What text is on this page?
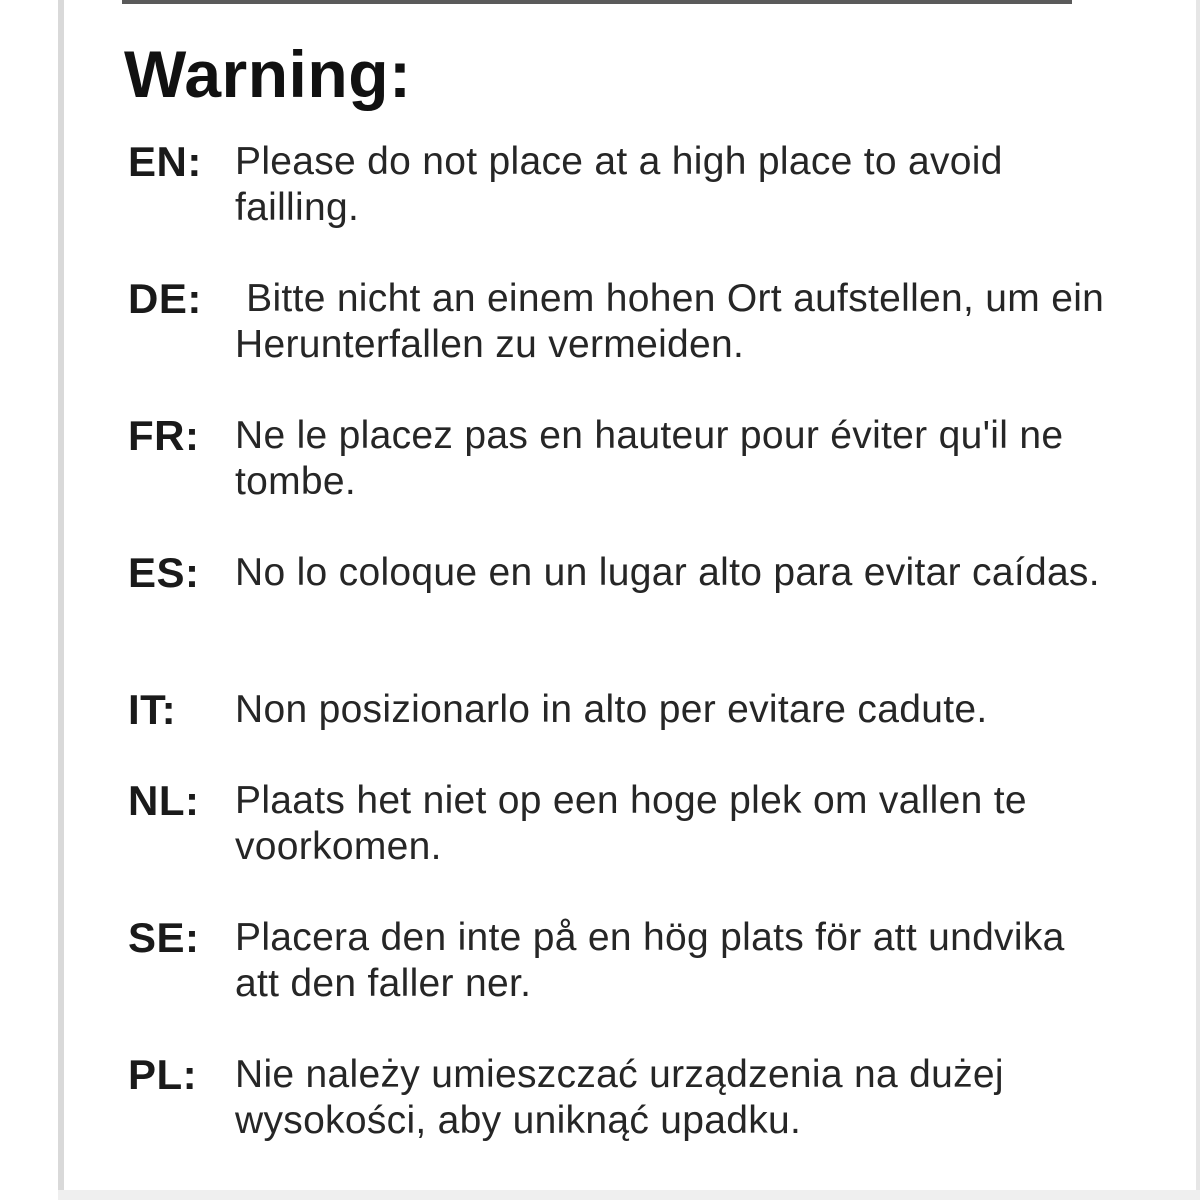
Warning:
EN: Please do not place at a high place to avoid failling.
DE: Bitte nicht an einem hohen Ort aufstellen, um ein Herunterfallen zu vermeiden.
FR: Ne le placez pas en hauteur pour éviter qu'il ne tombe.
ES: No lo coloque en un lugar alto para evitar caídas.
IT: Non posizionarlo in alto per evitare cadute.
NL: Plaats het niet op een hoge plek om vallen te voorkomen.
SE: Placera den inte på en hög plats för att undvika att den faller ner.
PL: Nie należy umieszczać urządzenia na dużej wysokości, aby uniknąć upadku.
